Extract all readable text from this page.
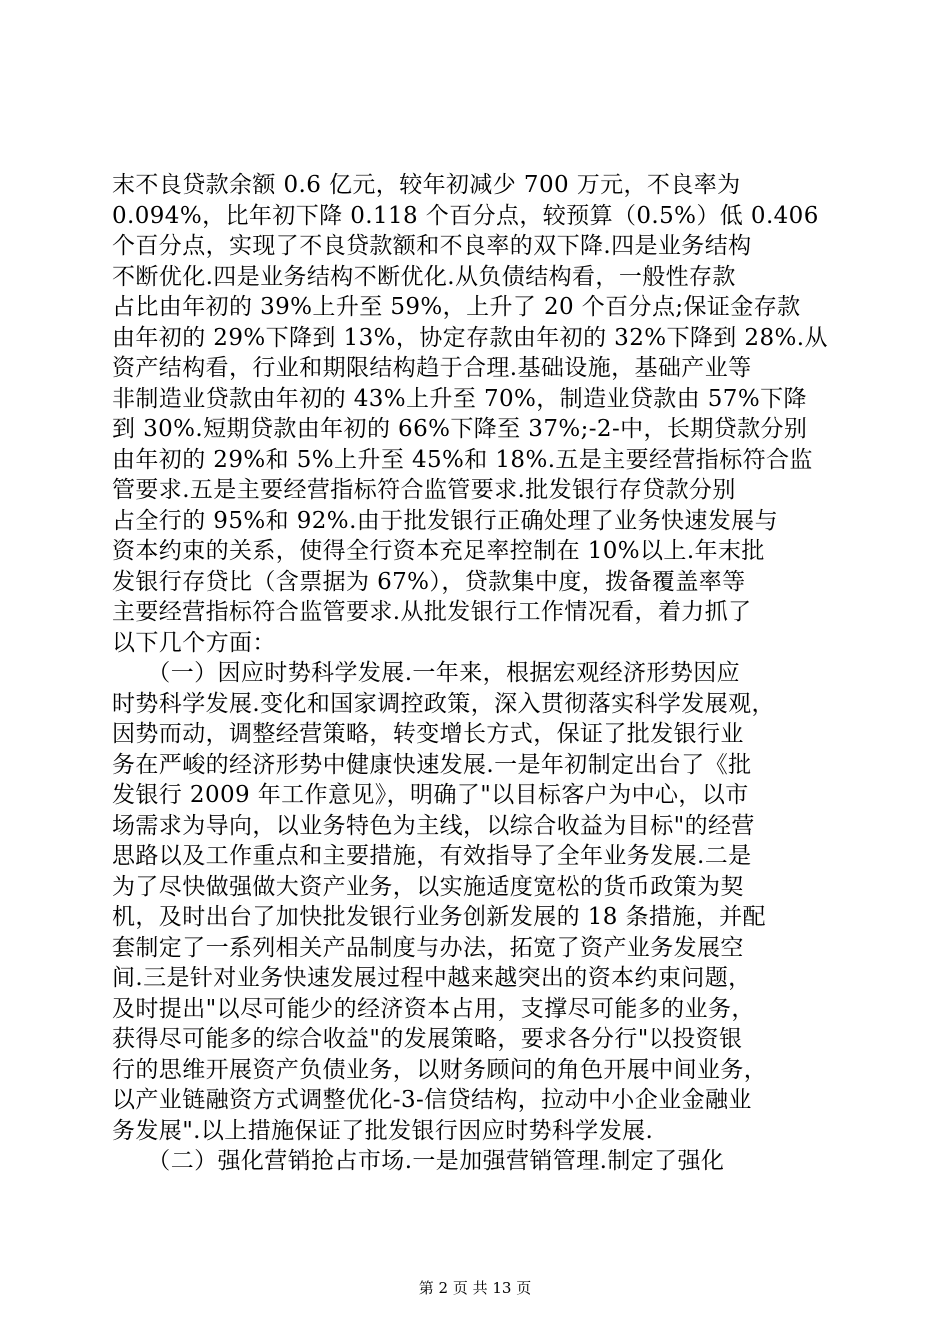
末不良贷款余额 0.6 亿元，较年初减少 700 万元，不良率为
0.094%，比年初下降 0.118 个百分点，较预算（0.5%）低 0.406
个百分点，实现了不良贷款额和不良率的双下降.四是业务结构
不断优化.四是业务结构不断优化.从负债结构看，一般性存款
占比由年初的 39%上升至 59%，上升了 20 个百分点;保证金存款
由年初的 29%下降到 13%，协定存款由年初的 32%下降到 28%.从
资产结构看，行业和期限结构趋于合理.基础设施，基础产业等
非制造业贷款由年初的 43%上升至 70%，制造业贷款由 57%下降
到 30%.短期贷款由年初的 66%下降至 37%;-2-中，长期贷款分别
由年初的 29%和 5%上升至 45%和 18%.五是主要经营指标符合监
管要求.五是主要经营指标符合监管要求.批发银行存贷款分别
占全行的 95%和 92%.由于批发银行正确处理了业务快速发展与
资本约束的关系，使得全行资本充足率控制在 10%以上.年末批
发银行存贷比（含票据为 67%），贷款集中度，拨备覆盖率等
主要经营指标符合监管要求.从批发银行工作情况看，着力抓了
以下几个方面：
　　（一）因应时势科学发展.一年来，根据宏观经济形势因应
时势科学发展.变化和国家调控政策，深入贯彻落实科学发展观，
因势而动，调整经营策略，转变增长方式，保证了批发银行业
务在严峻的经济形势中健康快速发展.一是年初制定出台了《批
发银行 2009 年工作意见》，明确了"以目标客户为中心，以市
场需求为导向，以业务特色为主线，以综合收益为目标"的经营
思路以及工作重点和主要措施，有效指导了全年业务发展.二是
为了尽快做强做大资产业务，以实施适度宽松的货币政策为契
机，及时出台了加快批发银行业务创新发展的 18 条措施，并配
套制定了一系列相关产品制度与办法，拓宽了资产业务发展空
间.三是针对业务快速发展过程中越来越突出的资本约束问题，
及时提出"以尽可能少的经济资本占用，支撑尽可能多的业务，
获得尽可能多的综合收益"的发展策略，要求各分行"以投资银
行的思维开展资产负债业务，以财务顾问的角色开展中间业务，
以产业链融资方式调整优化-3-信贷结构，拉动中小企业金融业
务发展".以上措施保证了批发银行因应时势科学发展.
　　（二）强化营销抢占市场.一是加强营销管理.制定了强化
第 2 页 共 13 页
